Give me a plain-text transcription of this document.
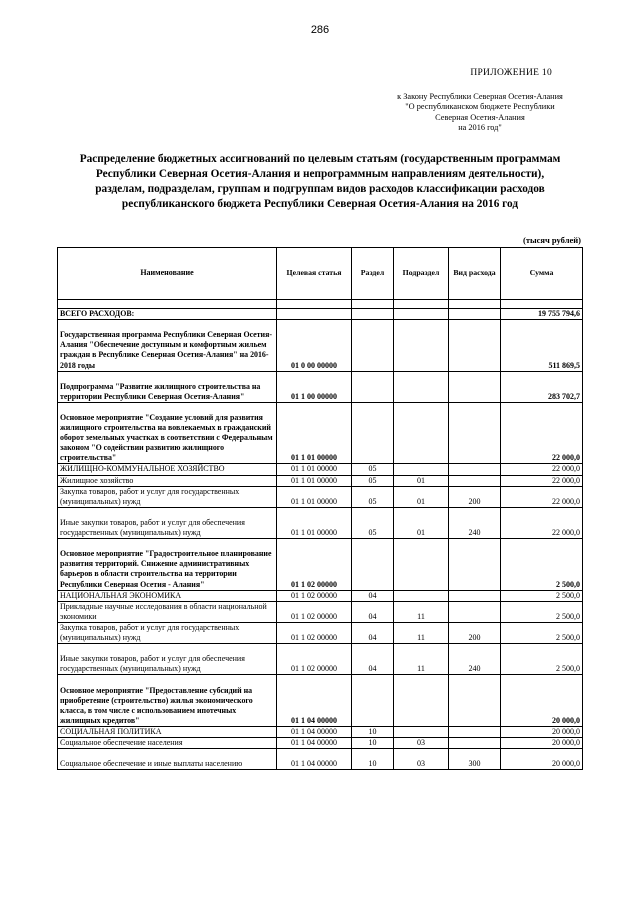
286
ПРИЛОЖЕНИЕ 10
к Закону Республики Северная Осетия-Алания
"О республиканском бюджете Республики
Северная Осетия-Алания
на 2016 год"
Распределение бюджетных ассигнований по целевым статьям (государственным программам
Республики Северная Осетия-Алания и непрограммным направлениям деятельности),
разделам, подразделам, группам и подгруппам видов расходов классификации расходов
республиканского бюджета Республики Северная Осетия-Алания на 2016 год
(тысяч рублей)
Наименование	Целевая статья	Раздел	Подраздел	Вид расхода	Сумма

ВСЕГО РАСХОДОВ:					19 755 794,6
Государственная программа Республики Северная Осетия-Алания "Обеспечение доступным и комфортным жильем граждан в Республике Северная Осетия-Алания" на 2016-2018 годы	01 0 00 00000				511 869,5
Подпрограмма "Развитие жилищного строительства на территории Республики Северная Осетия-Алания"	01 1 00 00000				283 702,7
Основное мероприятие "Создание условий для развития жилищного строительства на вовлекаемых в гражданский оборот земельных участках в соответствии с Федеральным законом "О содействии развитию жилищного строительства"	01 1 01 00000				22 000,0
ЖИЛИЩНО-КОММУНАЛЬНОЕ ХОЗЯЙСТВО	01 1 01 00000	05			22 000,0
Жилищное хозяйство	01 1 01 00000	05	01		22 000,0
Закупка товаров, работ и услуг для государственных (муниципальных) нужд	01 1 01 00000	05	01	200	22 000,0
Иные закупки товаров, работ и услуг для обеспечения государственных (муниципальных) нужд	01 1 01 00000	05	01	240	22 000,0
Основное мероприятие "Градостроительное планирование развития территорий. Снижение административных барьеров в области строительства на территории Республики Северная Осетия - Алания"	01 1 02 00000				2 500,0
НАЦИОНАЛЬНАЯ ЭКОНОМИКА	01 1 02 00000	04			2 500,0
Прикладные научные исследования в области национальной экономики	01 1 02 00000	04	11		2 500,0
Закупка товаров, работ и услуг для государственных (муниципальных) нужд	01 1 02 00000	04	11	200	2 500,0
Иные закупки товаров, работ и услуг для обеспечения государственных (муниципальных) нужд	01 1 02 00000	04	11	240	2 500,0
Основное мероприятие "Предоставление субсидий на приобретение (строительство) жилья экономического класса, в том числе с использованием ипотечных жилищных кредитов"	01 1 04 00000				20 000,0
СОЦИАЛЬНАЯ ПОЛИТИКА	01 1 04 00000	10			20 000,0
Социальное обеспечение населения	01 1 04 00000	10	03		20 000,0
Социальное обеспечение и иные выплаты населению	01 1 04 00000	10	03	300	20 000,0
